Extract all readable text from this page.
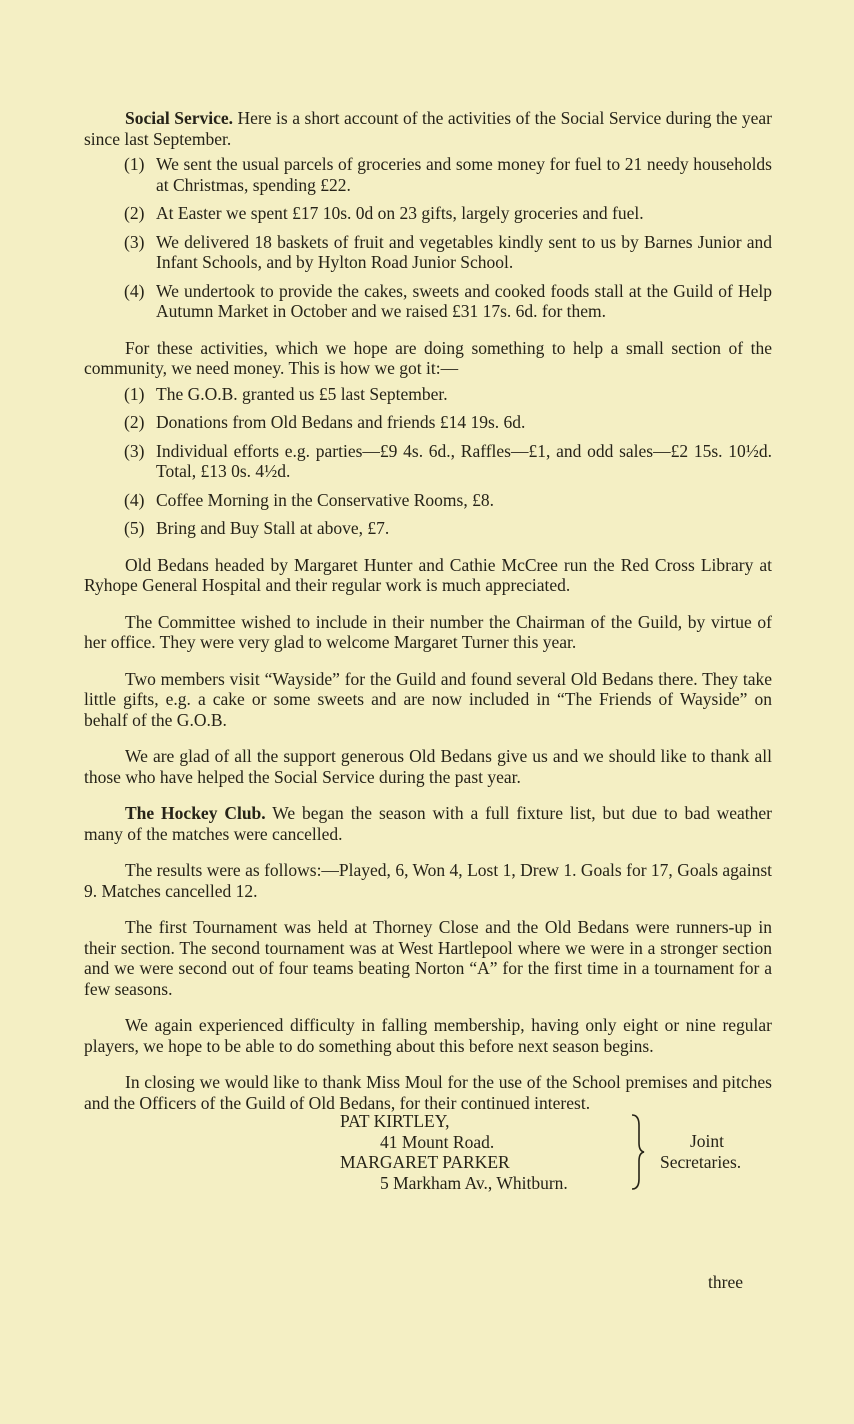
Social Service. Here is a short account of the activities of the Social Service during the year since last September.

(1) We sent the usual parcels of groceries and some money for fuel to 21 needy households at Christmas, spending £22.
(2) At Easter we spent £17 10s. 0d on 23 gifts, largely groceries and fuel.
(3) We delivered 18 baskets of fruit and vegetables kindly sent to us by Barnes Junior and Infant Schools, and by Hylton Road Junior School.
(4) We undertook to provide the cakes, sweets and cooked foods stall at the Guild of Help Autumn Market in October and we raised £31 17s. 6d. for them.

For these activities, which we hope are doing something to help a small section of the community, we need money. This is how we got it:—

(1) The G.O.B. granted us £5 last September.
(2) Donations from Old Bedans and friends £14 19s. 6d.
(3) Individual efforts e.g. parties—£9 4s. 6d., Raffles—£1, and odd sales—£2 15s. 10½d. Total, £13 0s. 4½d.
(4) Coffee Morning in the Conservative Rooms, £8.
(5) Bring and Buy Stall at above, £7.

Old Bedans headed by Margaret Hunter and Cathie McCree run the Red Cross Library at Ryhope General Hospital and their regular work is much appreciated.

The Committee wished to include in their number the Chairman of the Guild, by virtue of her office. They were very glad to welcome Margaret Turner this year.

Two members visit “Wayside” for the Guild and found several Old Bedans there. They take little gifts, e.g. a cake or some sweets and are now included in “The Friends of Wayside” on behalf of the G.O.B.

We are glad of all the support generous Old Bedans give us and we should like to thank all those who have helped the Social Service during the past year.

The Hockey Club. We began the season with a full fixture list, but due to bad weather many of the matches were cancelled.

The results were as follows:—Played, 6, Won 4, Lost 1, Drew 1. Goals for 17, Goals against 9. Matches cancelled 12.

The first Tournament was held at Thorney Close and the Old Bedans were runners-up in their section. The second tournament was at West Hartlepool where we were in a stronger section and we were second out of four teams beating Norton “A” for the first time in a tournament for a few seasons.

We again experienced difficulty in falling membership, having only eight or nine regular players, we hope to be able to do something about this before next season begins.

In closing we would like to thank Miss Moul for the use of the School premises and pitches and the Officers of the Guild of Old Bedans, for their continued interest.

PAT KIRTLEY,
41 Mount Road.
MARGARET PARKER
5 Markham Av., Whitburn.
Joint
Secretaries.
three
